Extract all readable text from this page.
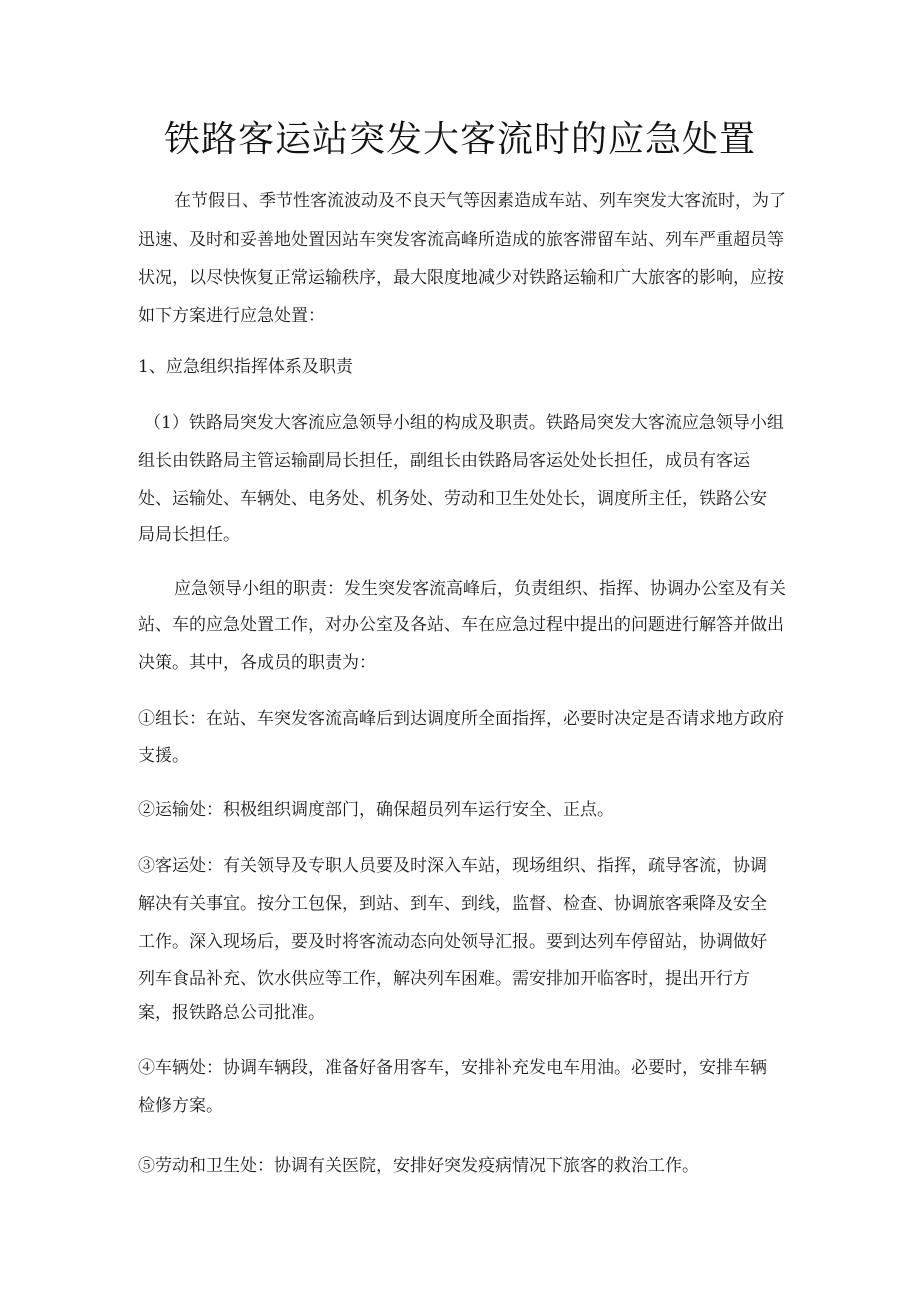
铁路客运站突发大客流时的应急处置
在节假日、季节性客流波动及不良天气等因素造成车站、列车突发大客流时，为了
迅速、及时和妥善地处置因站车突发客流高峰所造成的旅客滞留车站、列车严重超员等
状况，以尽快恢复正常运输秩序，最大限度地减少对铁路运输和广大旅客的影响，应按
如下方案进行应急处置：
1、应急组织指挥体系及职责
（1）铁路局突发大客流应急领导小组的构成及职责。铁路局突发大客流应急领导小组
组长由铁路局主管运输副局长担任，副组长由铁路局客运处处长担任，成员有客运
处、运输处、车辆处、电务处、机务处、劳动和卫生处处长，调度所主任，铁路公安
局局长担任。
应急领导小组的职责：发生突发客流高峰后，负责组织、指挥、协调办公室及有关
站、车的应急处置工作，对办公室及各站、车在应急过程中提出的问题进行解答并做出
决策。其中，各成员的职责为：
①组长：在站、车突发客流高峰后到达调度所全面指挥，必要时决定是否请求地方政府
支援。
②运输处：积极组织调度部门，确保超员列车运行安全、正点。
③客运处：有关领导及专职人员要及时深入车站，现场组织、指挥，疏导客流，协调
解决有关事宜。按分工包保，到站、到车、到线，监督、检查、协调旅客乘降及安全
工作。深入现场后，要及时将客流动态向处领导汇报。要到达列车停留站，协调做好
列车食品补充、饮水供应等工作，解决列车困难。需安排加开临客时，提出开行方
案，报铁路总公司批准。
④车辆处：协调车辆段，准备好备用客车，安排补充发电车用油。必要时，安排车辆
检修方案。
⑤劳动和卫生处：协调有关医院，安排好突发疫病情况下旅客的救治工作。
